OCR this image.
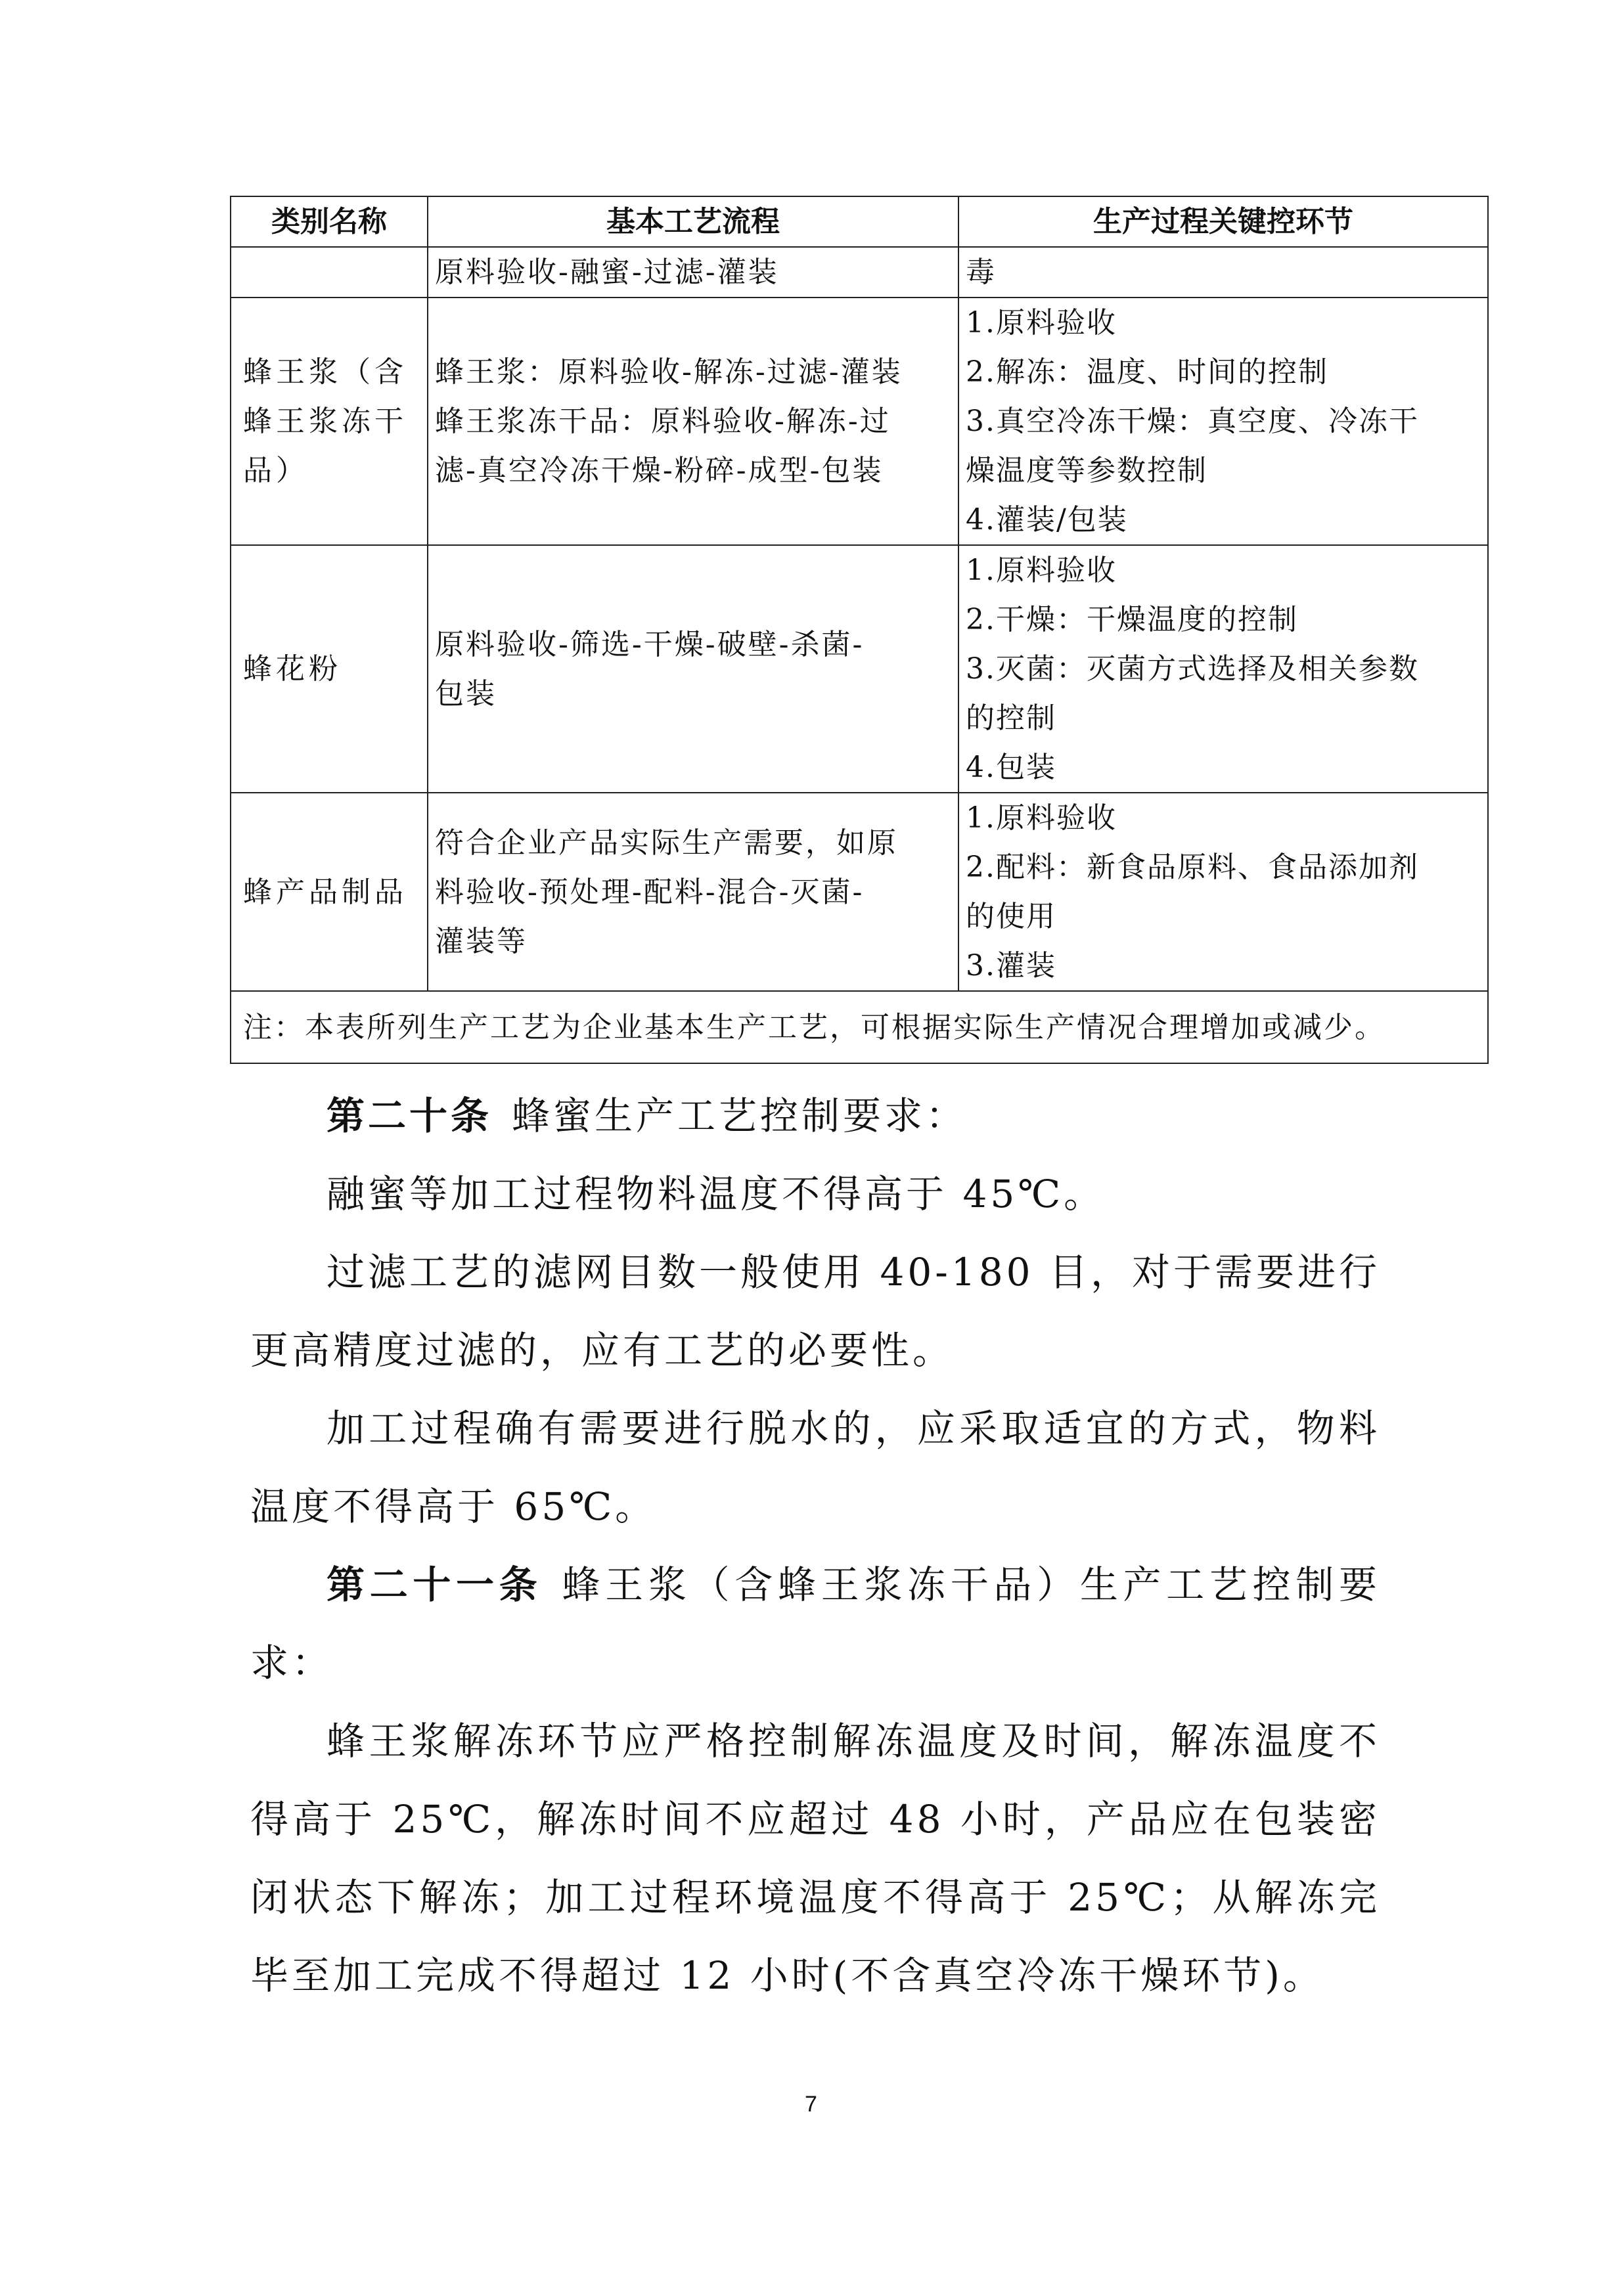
类别名称	基本工艺流程	生产过程关键控环节

	原料验收-融蜜-过滤-灌装	毒

蜂王浆（含
蜂王浆冻干
品）	蜂王浆：原料验收-解冻-过滤-灌装
蜂王浆冻干品：原料验收-解冻-过
滤-真空冷冻干燥-粉碎-成型-包装	1.原料验收
2.解冻：温度、时间的控制
3.真空冷冻干燥：真空度、冷冻干
燥温度等参数控制
4.灌装/包装

蜂花粉	原料验收-筛选-干燥-破壁-杀菌-
包装	1.原料验收
2.干燥：干燥温度的控制
3.灭菌：灭菌方式选择及相关参数
的控制
4.包装

蜂产品制品	符合企业产品实际生产需要，如原
料验收-预处理-配料-混合-灭菌-
灌装等	1.原料验收
2.配料：新食品原料、食品添加剂
的使用
3.灌装

注：本表所列生产工艺为企业基本生产工艺，可根据实际生产情况合理增加或减少。		

第二十条 蜂蜜生产工艺控制要求：

融蜜等加工过程物料温度不得高于 45℃。

过滤工艺的滤网目数一般使用 40-180 目，对于需要进行更高精度过滤的，应有工艺的必要性。

加工过程确有需要进行脱水的，应采取适宜的方式，物料温度不得高于 65℃。

第二十一条 蜂王浆（含蜂王浆冻干品）生产工艺控制要求：

蜂王浆解冻环节应严格控制解冻温度及时间，解冻温度不得高于 25℃，解冻时间不应超过 48 小时，产品应在包装密闭状态下解冻；加工过程环境温度不得高于 25℃；从解冻完毕至加工完成不得超过 12 小时(不含真空冷冻干燥环节)。

7
